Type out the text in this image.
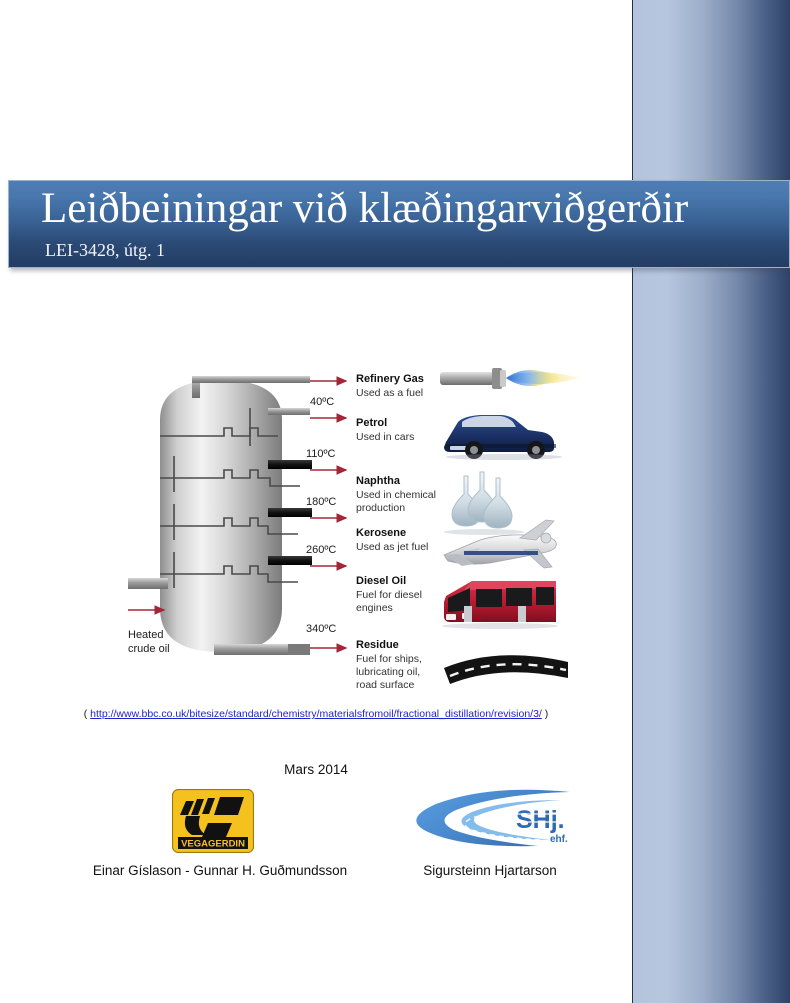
Leiðbeiningar við klæðingarviðgerðir
LEI-3428, útg. 1
Heated
crude oil
40ºC
110ºC
180ºC
260ºC
340ºC
Refinery Gas
Used as a fuel
Petrol
Used in cars
Naphtha
Used in chemical
production
Kerosene
Used as jet fuel
Diesel Oil
Fuel for diesel
engines
Residue
Fuel for ships,
lubricating oil,
road surface
( http://www.bbc.co.uk/bitesize/standard/chemistry/materialsfromoil/fractional_distillation/revision/3/ )
Mars 2014
VEGAGERDIN
SHj.
ehf.
Einar Gíslason - Gunnar H. Guðmundsson	Sigursteinn Hjartarson
